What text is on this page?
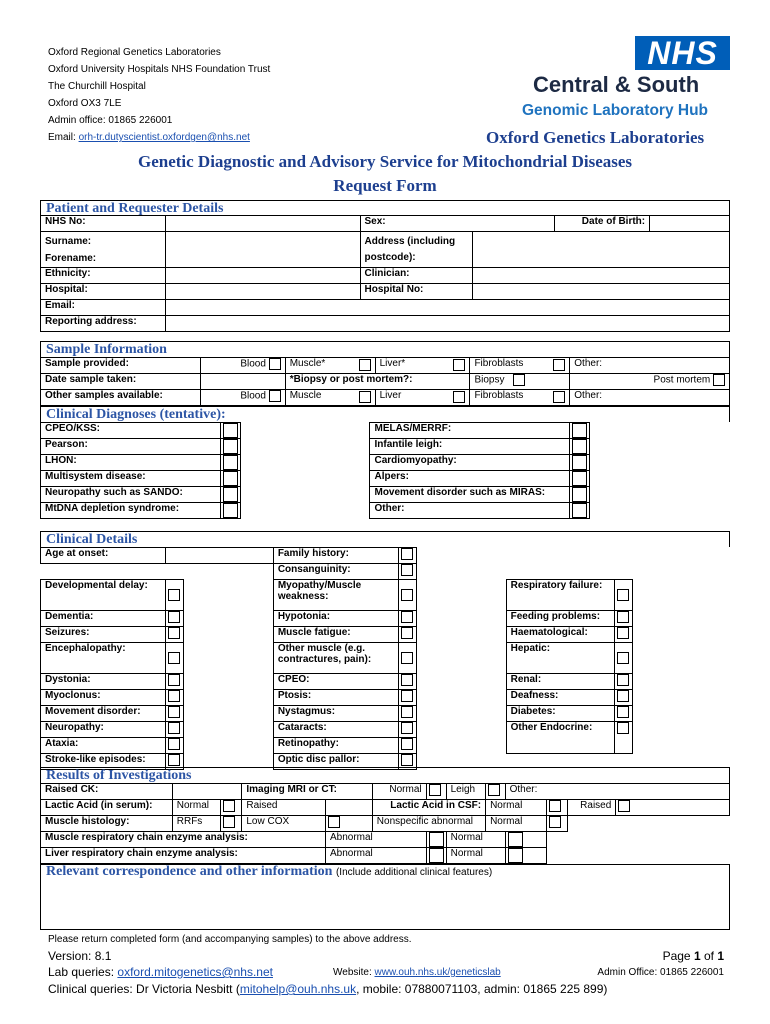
Oxford Regional Genetics Laboratories
Oxford University Hospitals NHS Foundation Trust
The Churchill Hospital
Oxford OX3 7LE
Admin office: 01865 226001
Email: orh-tr.dutyscientist.oxfordgen@nhs.net
NHS
Central & South
Genomic Laboratory Hub
Oxford Genetics Laboratories
Genetic Diagnostic and Advisory Service for Mitochondrial Diseases
Request Form
Patient and Requester Details
NHS No:		Sex:		Date of Birth:	

Surname:
Forename:		Address (including postcode):			
Ethnicity:		Clinician:			
Hospital:		Hospital No:			
Email:					
Reporting address:					
Sample Information
Sample provided:	Blood	Muscle*	Liver*	Fibroblasts	Other:
Date sample taken:		*Biopsy or post mortem?:		Biopsy	Post mortem
Other samples available:	Blood	Muscle	Liver	Fibroblasts	Other:
Clinical Diagnoses (tentative):
CPEO/KSS:			MELAS/MERRF:		
Pearson:			Infantile leigh:		
LHON:			Cardiomyopathy:		
Multisystem disease:			Alpers:		
Neuropathy such as SANDO:			Movement disorder such as MIRAS:		
MtDNA depletion syndrome:			Other:		
Clinical Details
Age at onset:			Family history:					
			Consanguinity:					
Developmental delay:			Myopathy/Muscle weakness:			Respiratory failure:		
Dementia:			Hypotonia:			Feeding problems:		
Seizures:			Muscle fatigue:			Haematological:		
Encephalopathy:			Other muscle (e.g. contractures, pain):			Hepatic:		
Dystonia:			CPEO:			Renal:		
Myoclonus:			Ptosis:			Deafness:		
Movement disorder:			Nystagmus:			Diabetes:		
Neuropathy:			Cataracts:			Other Endocrine:		
Ataxia:			Retinopathy:					
Stroke-like episodes:			Optic disc pallor:					
Results of Investigations
Raised CK:			Imaging MRI or CT:		Normal		Leigh		Other:			
Lactic Acid (in serum):	Normal		Raised		Lactic Acid in CSF:			Normal			Raised	
Muscle histology:	RRFs		Low COX		Nonspecific abnormal			Normal				
Muscle respiratory chain enzyme analysis:				Abnormal			Normal					
Liver respiratory chain enzyme analysis:				Abnormal			Normal					
Relevant correspondence and other information (Include additional clinical features)
Please return completed form (and accompanying samples) to the above address.
Version: 8.1	Page 1 of 1
Lab queries: oxford.mitogenetics@nhs.net	Website: www.ouh.nhs.uk/geneticslab	Admin Office: 01865 226001
Clinical queries: Dr Victoria Nesbitt (mitohelp@ouh.nhs.uk, mobile: 07880071103, admin: 01865 225 899)
